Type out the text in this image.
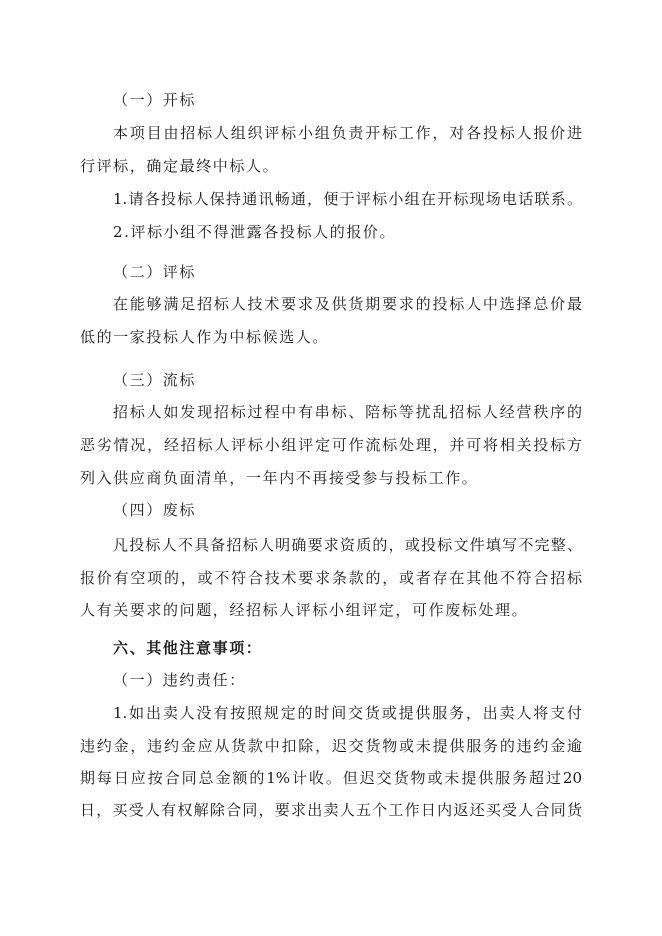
（一）开标
本项目由招标人组织评标小组负责开标工作，对各投标人报价进
行评标，确定最终中标人。
1.请各投标人保持通讯畅通，便于评标小组在开标现场电话联系。
2.评标小组不得泄露各投标人的报价。
（二）评标
在能够满足招标人技术要求及供货期要求的投标人中选择总价最
低的一家投标人作为中标候选人。
（三）流标
招标人如发现招标过程中有串标、陪标等扰乱招标人经营秩序的
恶劣情况，经招标人评标小组评定可作流标处理，并可将相关投标方
列入供应商负面清单，一年内不再接受参与投标工作。
（四）废标
凡投标人不具备招标人明确要求资质的，或投标文件填写不完整、
报价有空项的，或不符合技术要求条款的，或者存在其他不符合招标
人有关要求的问题，经招标人评标小组评定，可作废标处理。
六、其他注意事项：
（一）违约责任：
1.如出卖人没有按照规定的时间交货或提供服务，出卖人将支付
违约金，违约金应从货款中扣除，迟交货物或未提供服务的违约金逾
期每日应按合同总金额的1%计收。但迟交货物或未提供服务超过20
日，买受人有权解除合同，要求出卖人五个工作日内返还买受人合同货
